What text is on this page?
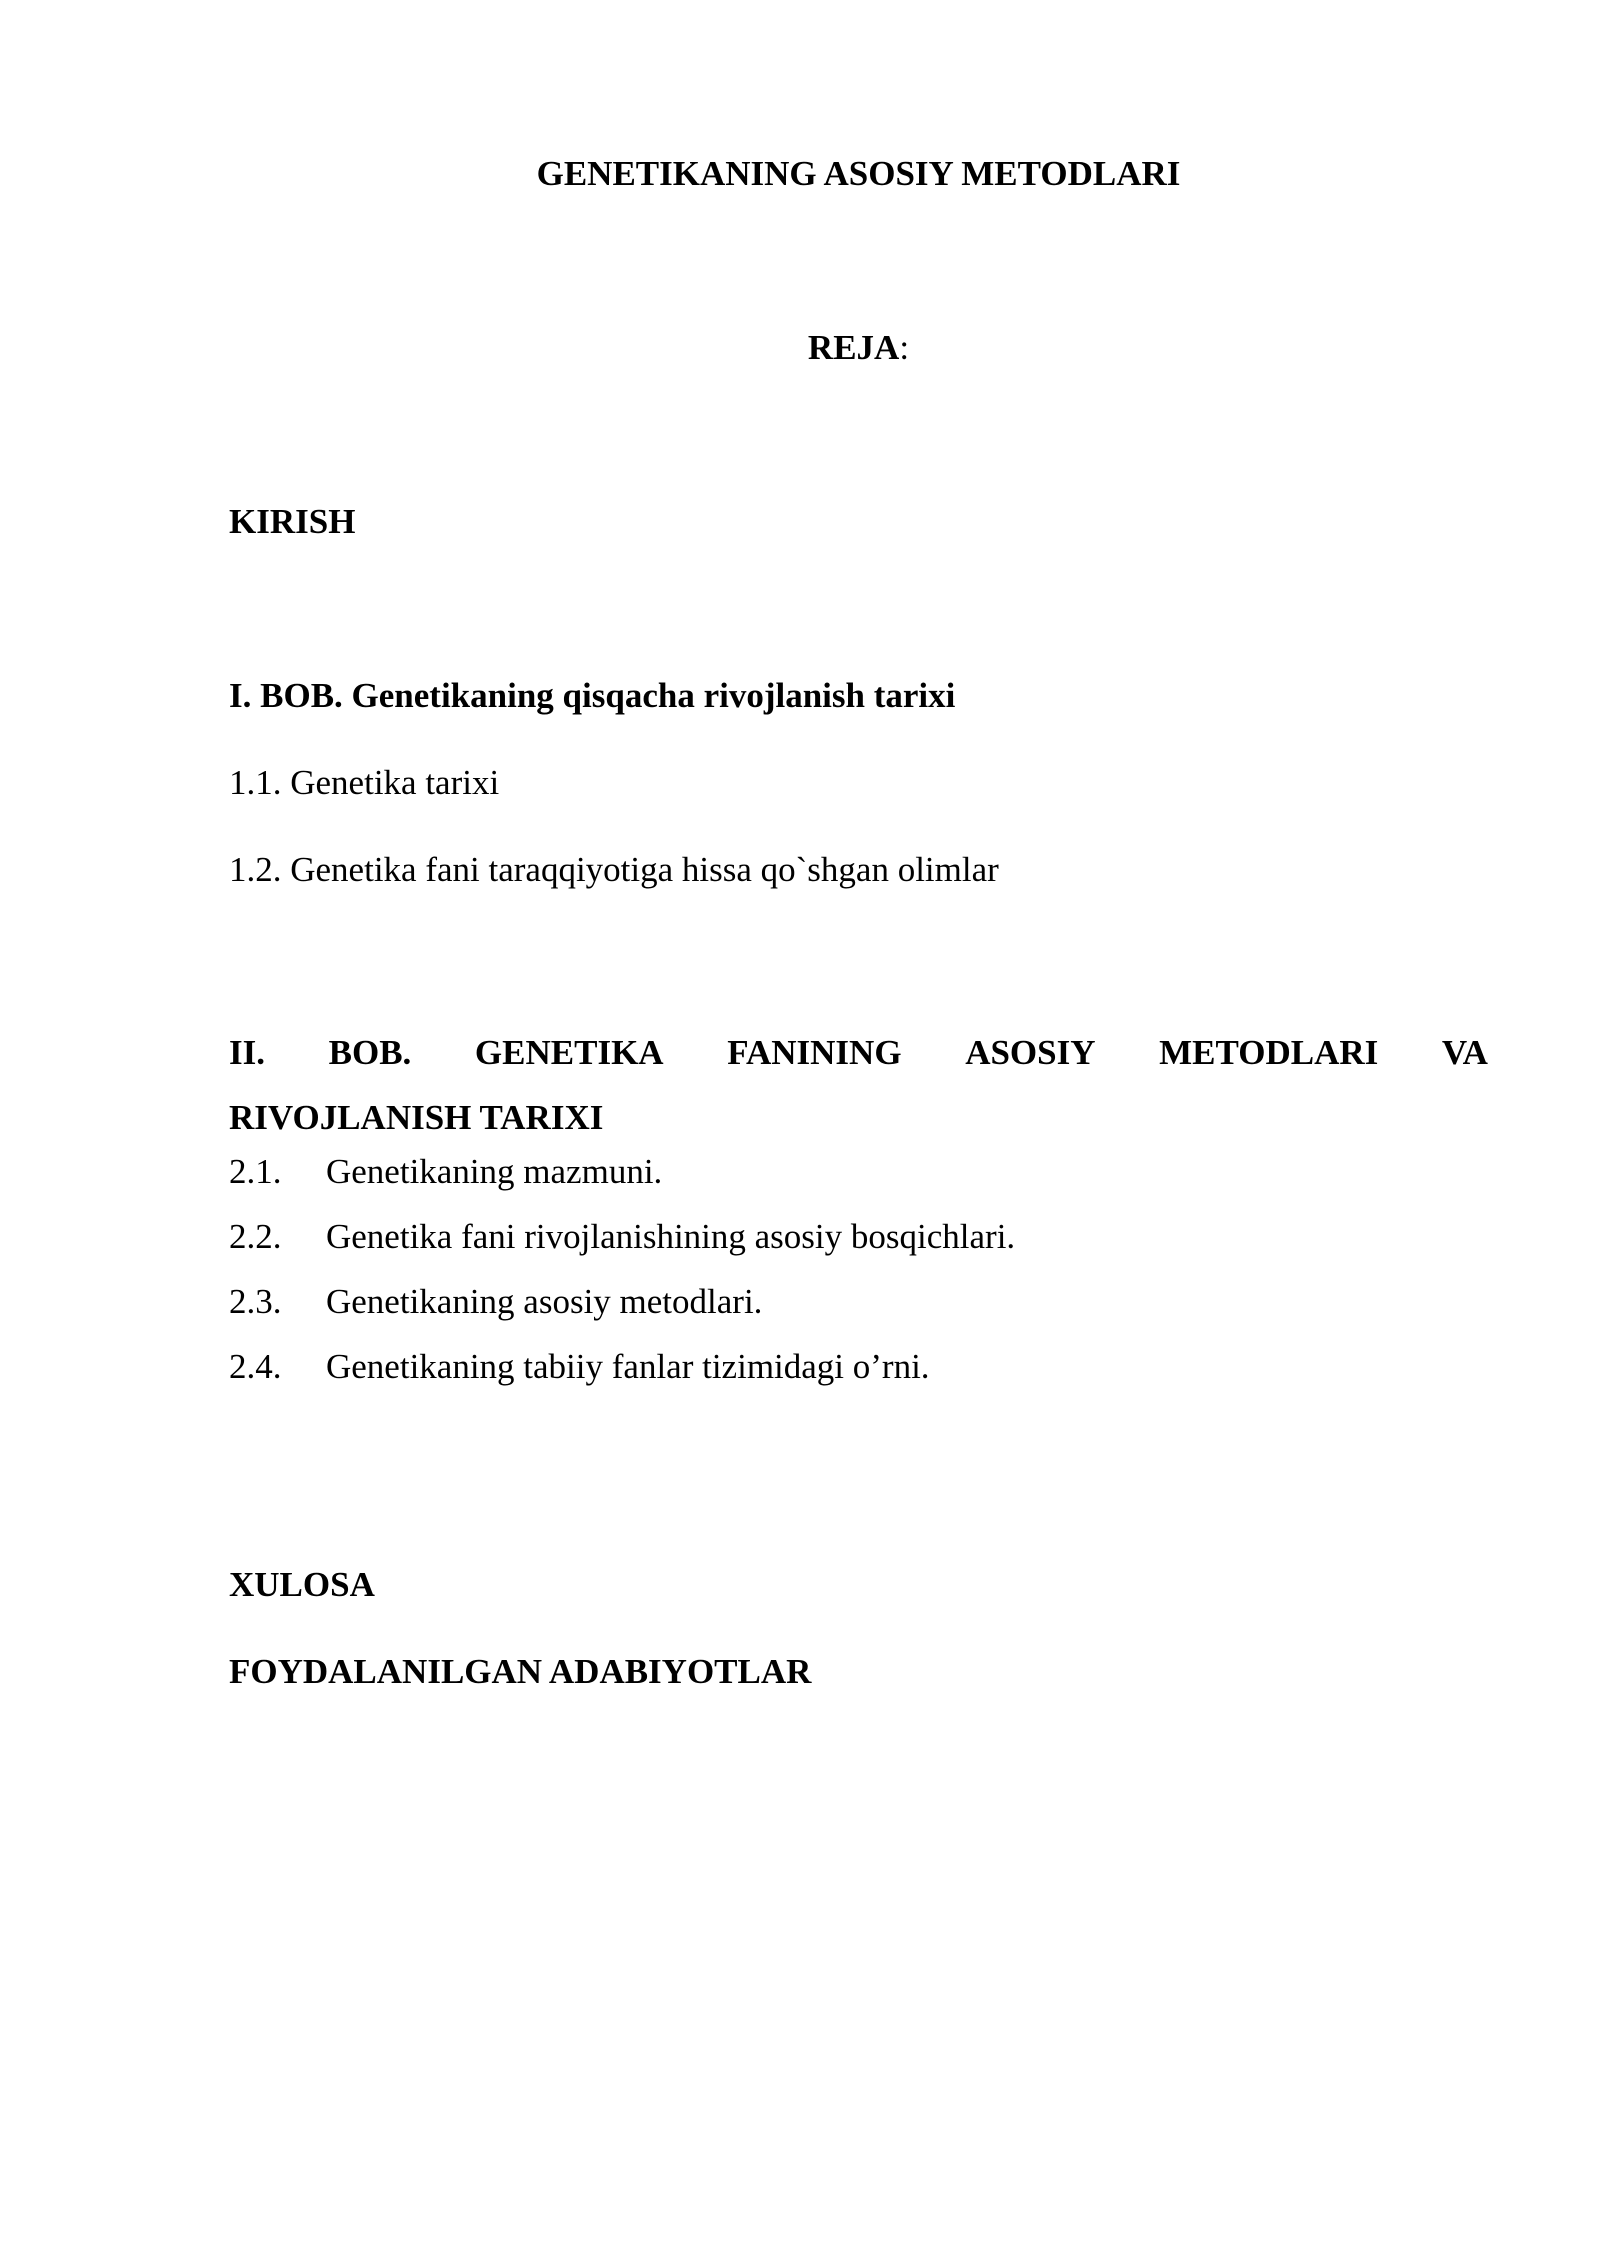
GENETIKANING ASOSIY METODLARI
REJA:
KIRISH
I. BOB. Genetikaning qisqacha rivojlanish tarixi
1.1. Genetika tarixi
1.2. Genetika fani taraqqiyotiga hissa qo`shgan olimlar
II. BOB. GENETIKA FANINING ASOSIY METODLARI VA
RIVOJLANISH TARIXI
2.1. Genetikaning mazmuni.
2.2. Genetika fani rivojlanishining asosiy bosqichlari.
2.3. Genetikaning asosiy metodlari.
2.4. Genetikaning tabiiy fanlar tizimidagi o’rni.
XULOSA
FOYDALANILGAN ADABIYOTLAR
